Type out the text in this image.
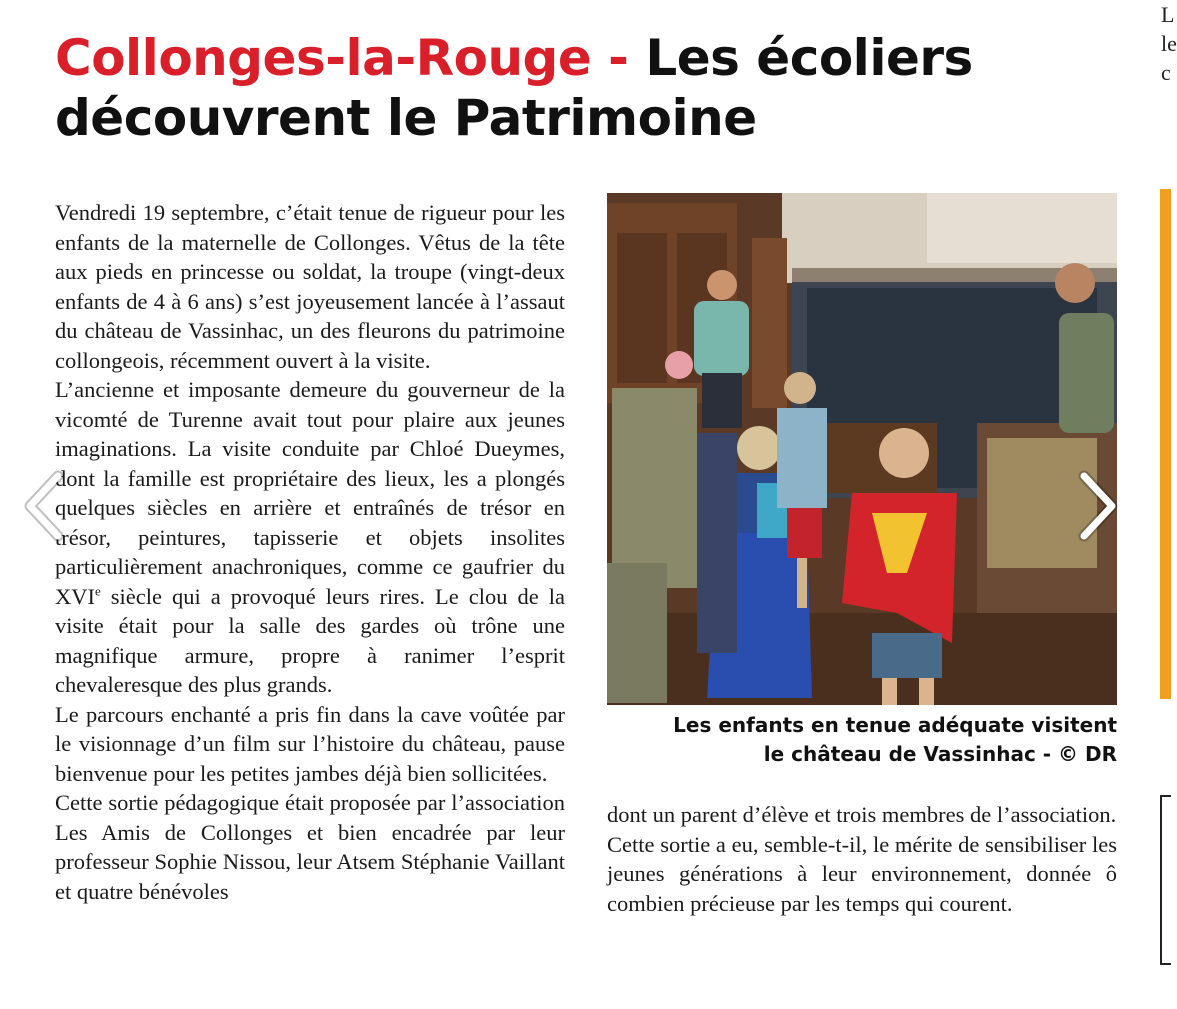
Collonges-la-Rouge - Les écoliers découvrent le Patrimoine

Vendredi 19 septembre, c’était tenue de rigueur pour les enfants de la maternelle de Collonges. Vêtus de la tête aux pieds en princesse ou soldat, la troupe (vingt-deux enfants de 4 à 6 ans) s’est joyeusement lancée à l’assaut du château de Vassinhac, un des fleurons du patrimoine collongeois, récemment ouvert à la visite.

L’ancienne et imposante demeure du gouverneur de la vicomté de Turenne avait tout pour plaire aux jeunes imaginations. La visite conduite par Chloé Dueymes, dont la famille est propriétaire des lieux, les a plongés quelques siècles en arrière et entraînés de trésor en trésor, peintures, tapisserie et objets insolites particulièrement anachroniques, comme ce gaufrier du XVIe siècle qui a provoqué leurs rires. Le clou de la visite était pour la salle des gardes où trône une magnifique armure, propre à ranimer l’esprit chevaleresque des plus grands.

Le parcours enchanté a pris fin dans la cave voûtée par le visionnage d’un film sur l’histoire du château, pause bienvenue pour les petites jambes déjà bien sollicitées.

Cette sortie pédagogique était proposée par l’association Les Amis de Collonges et bien encadrée par leur professeur Sophie Nissou, leur Atsem Stéphanie Vaillant et quatre bénévoles

Les enfants en tenue adéquate visitent
le château de Vassinhac - © DR

dont un parent d’élève et trois membres de l’association.

Cette sortie a eu, semble-t-il, le mérite de sensibiliser les jeunes générations à leur environnement, donnée ô combien précieuse par les temps qui courent.

L
le
c
